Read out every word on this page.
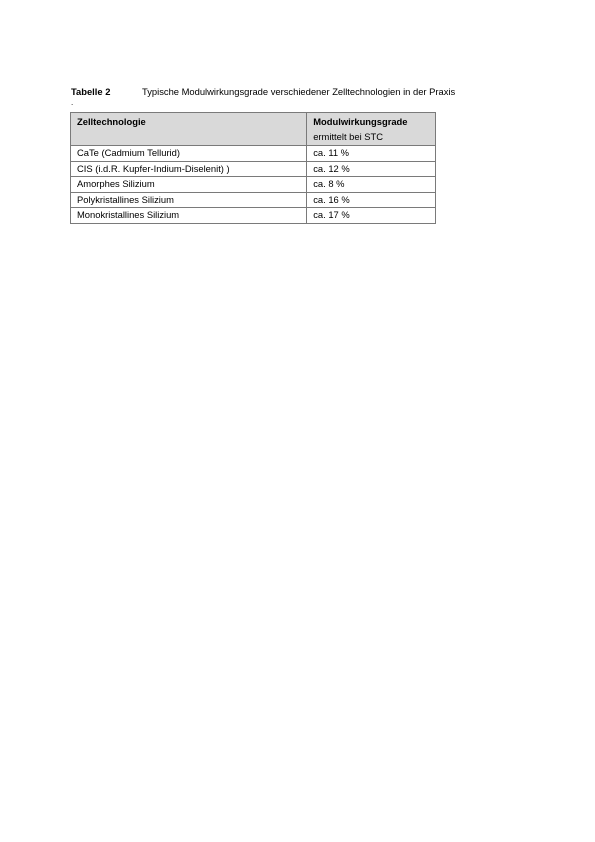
Tabelle 2	Typische Modulwirkungsgrade verschiedener Zelltechnologien in der Praxis
.
Zelltechnologie	Modulwirkungsgrade
ermittelt bei STC

CaTe (Cadmium Tellurid)	ca. 11 %
CIS (i.d.R. Kupfer-Indium-Diselenit) )	ca. 12 %
Amorphes Silizium	ca. 8 %
Polykristallines Silizium	ca. 16 %
Monokristallines Silizium	ca. 17 %
